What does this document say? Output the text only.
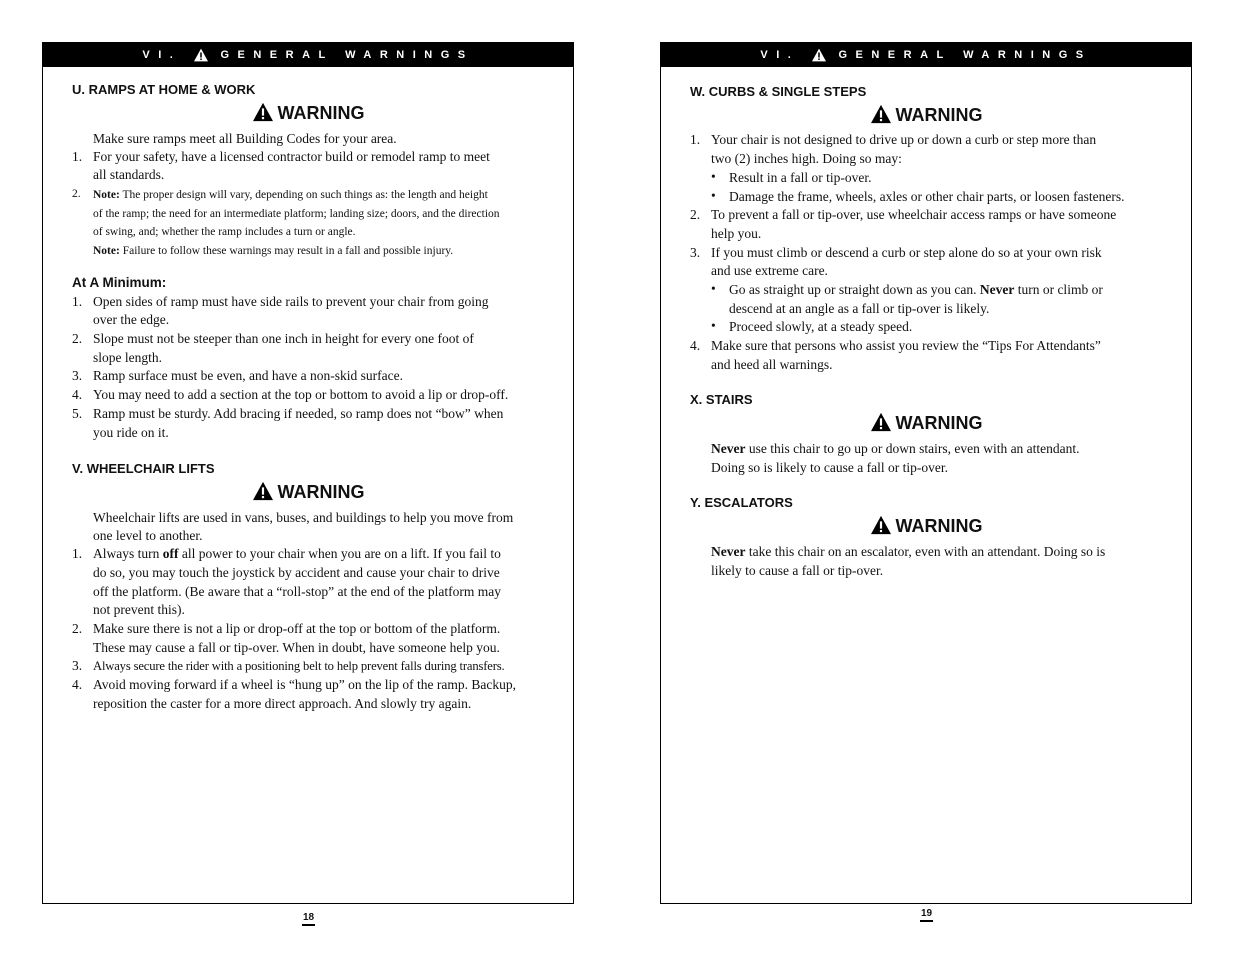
VI.	GENERAL WARNINGS
U. RAMPS AT HOME & WORK
WARNING
Make sure ramps meet all Building Codes for your area.
1. For your safety, have a licensed contractor build or remodel ramp to meet
all standards.
2. Note: The proper design will vary, depending on such things as: the length and height
of the ramp; the need for an intermediate platform; landing size; doors, and the direction
of swing, and; whether the ramp includes a turn or angle.
Note: Failure to follow these warnings may result in a fall and possible injury.
At A Minimum:
1. Open sides of ramp must have side rails to prevent your chair from going
over the edge.
2. Slope must not be steeper than one inch in height for every one foot of
slope length.
3. Ramp surface must be even, and have a non-skid surface.
4. You may need to add a section at the top or bottom to avoid a lip or drop-off.
5. Ramp must be sturdy. Add bracing if needed, so ramp does not “bow” when
you ride on it.
V. WHEELCHAIR LIFTS
WARNING
Wheelchair lifts are used in vans, buses, and buildings to help you move from
one level to another.
1. Always turn off all power to your chair when you are on a lift. If you fail to
do so, you may touch the joystick by accident and cause your chair to drive
off the platform. (Be aware that a “roll-stop” at the end of the platform may
not prevent this).
2. Make sure there is not a lip or drop-off at the top or bottom of the platform.
These may cause a fall or tip-over. When in doubt, have someone help you.
3. Always secure the rider with a positioning belt to help prevent falls during transfers.
4. Avoid moving forward if a wheel is “hung up” on the lip of the ramp. Backup,
reposition the caster for a more direct approach. And slowly try again.
18
VI.	GENERAL WARNINGS
W. CURBS & SINGLE STEPS
WARNING
1. Your chair is not designed to drive up or down a curb or step more than
two (2) inches high. Doing so may:
• Result in a fall or tip-over.
• Damage the frame, wheels, axles or other chair parts, or loosen fasteners.
2. To prevent a fall or tip-over, use wheelchair access ramps or have someone
help you.
3. If you must climb or descend a curb or step alone do so at your own risk
and use extreme care.
• Go as straight up or straight down as you can. Never turn or climb or
descend at an angle as a fall or tip-over is likely.
• Proceed slowly, at a steady speed.
4. Make sure that persons who assist you review the “Tips For Attendants”
and heed all warnings.
X. STAIRS
WARNING
Never use this chair to go up or down stairs, even with an attendant.
Doing so is likely to cause a fall or tip-over.
Y. ESCALATORS
WARNING
Never take this chair on an escalator, even with an attendant. Doing so is
likely to cause a fall or tip-over.
19
